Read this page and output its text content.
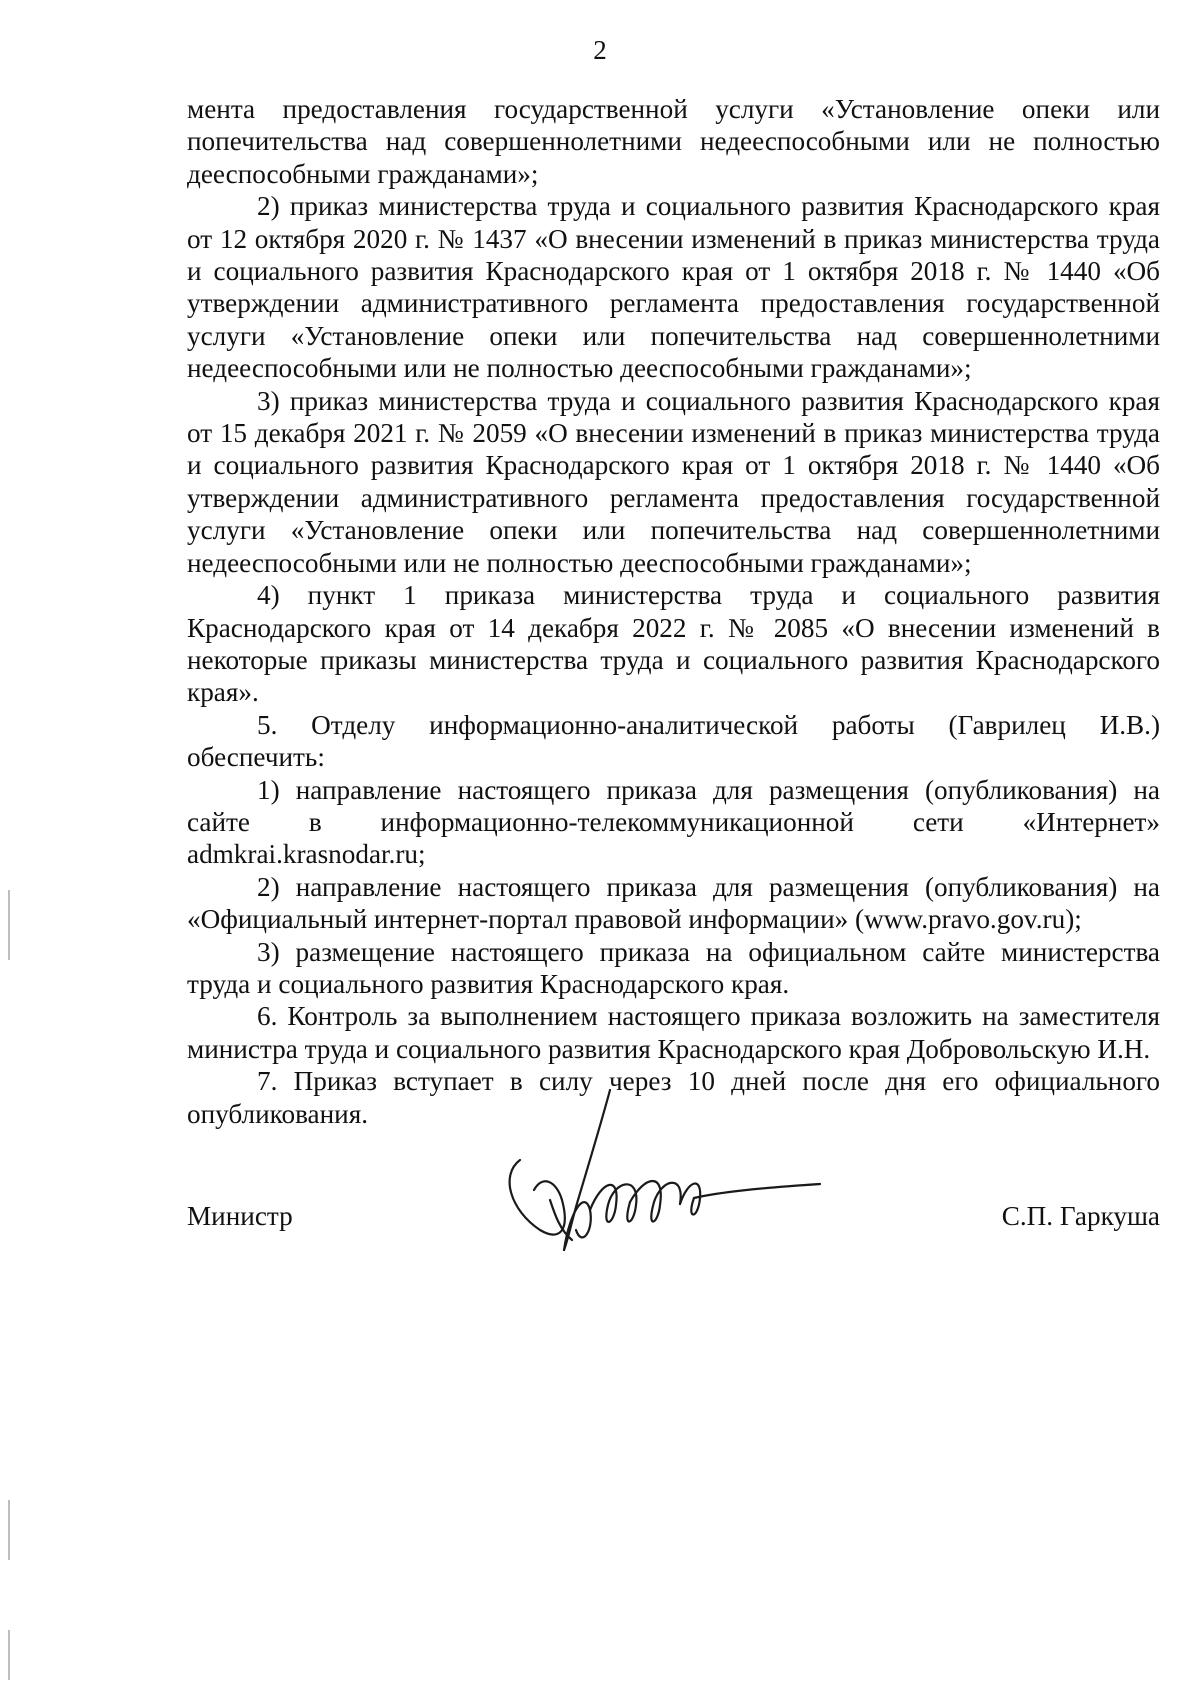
2

мента предоставления государственной услуги «Установление опеки или попечительства над совершеннолетними недееспособными или не полностью дееспособными гражданами»;

2) приказ министерства труда и социального развития Краснодарского края от 12 октября 2020 г. № 1437 «О внесении изменений в приказ министерства труда и социального развития Краснодарского края от 1 октября 2018 г. № 1440 «Об утверждении административного регламента предоставления государственной услуги «Установление опеки или попечительства над совершеннолетними недееспособными или не полностью дееспособными гражданами»;

3) приказ министерства труда и социального развития Краснодарского края от 15 декабря 2021 г. № 2059 «О внесении изменений в приказ министерства труда и социального развития Краснодарского края от 1 октября 2018 г. № 1440 «Об утверждении административного регламента предоставления государственной услуги «Установление опеки или попечительства над совершеннолетними недееспособными или не полностью дееспособными гражданами»;

4) пункт 1 приказа министерства труда и социального развития Краснодарского края от 14 декабря 2022 г. № 2085 «О внесении изменений в некоторые приказы министерства труда и социального развития Краснодарского края».

5. Отделу информационно-аналитической работы (Гаврилец И.В.) обеспечить:

1) направление настоящего приказа для размещения (опубликования) на сайте в информационно-телекоммуникационной сети «Интернет» admkrai.krasnodar.ru;

2) направление настоящего приказа для размещения (опубликования) на «Официальный интернет-портал правовой информации» (www.pravo.gov.ru);

3) размещение настоящего приказа на официальном сайте министерства труда и социального развития Краснодарского края.

6. Контроль за выполнением настоящего приказа возложить на заместителя министра труда и социального развития Краснодарского края Добровольскую И.Н.

7. Приказ вступает в силу через 10 дней после дня его официального опубликования.

Министр	С.П. Гаркуша
